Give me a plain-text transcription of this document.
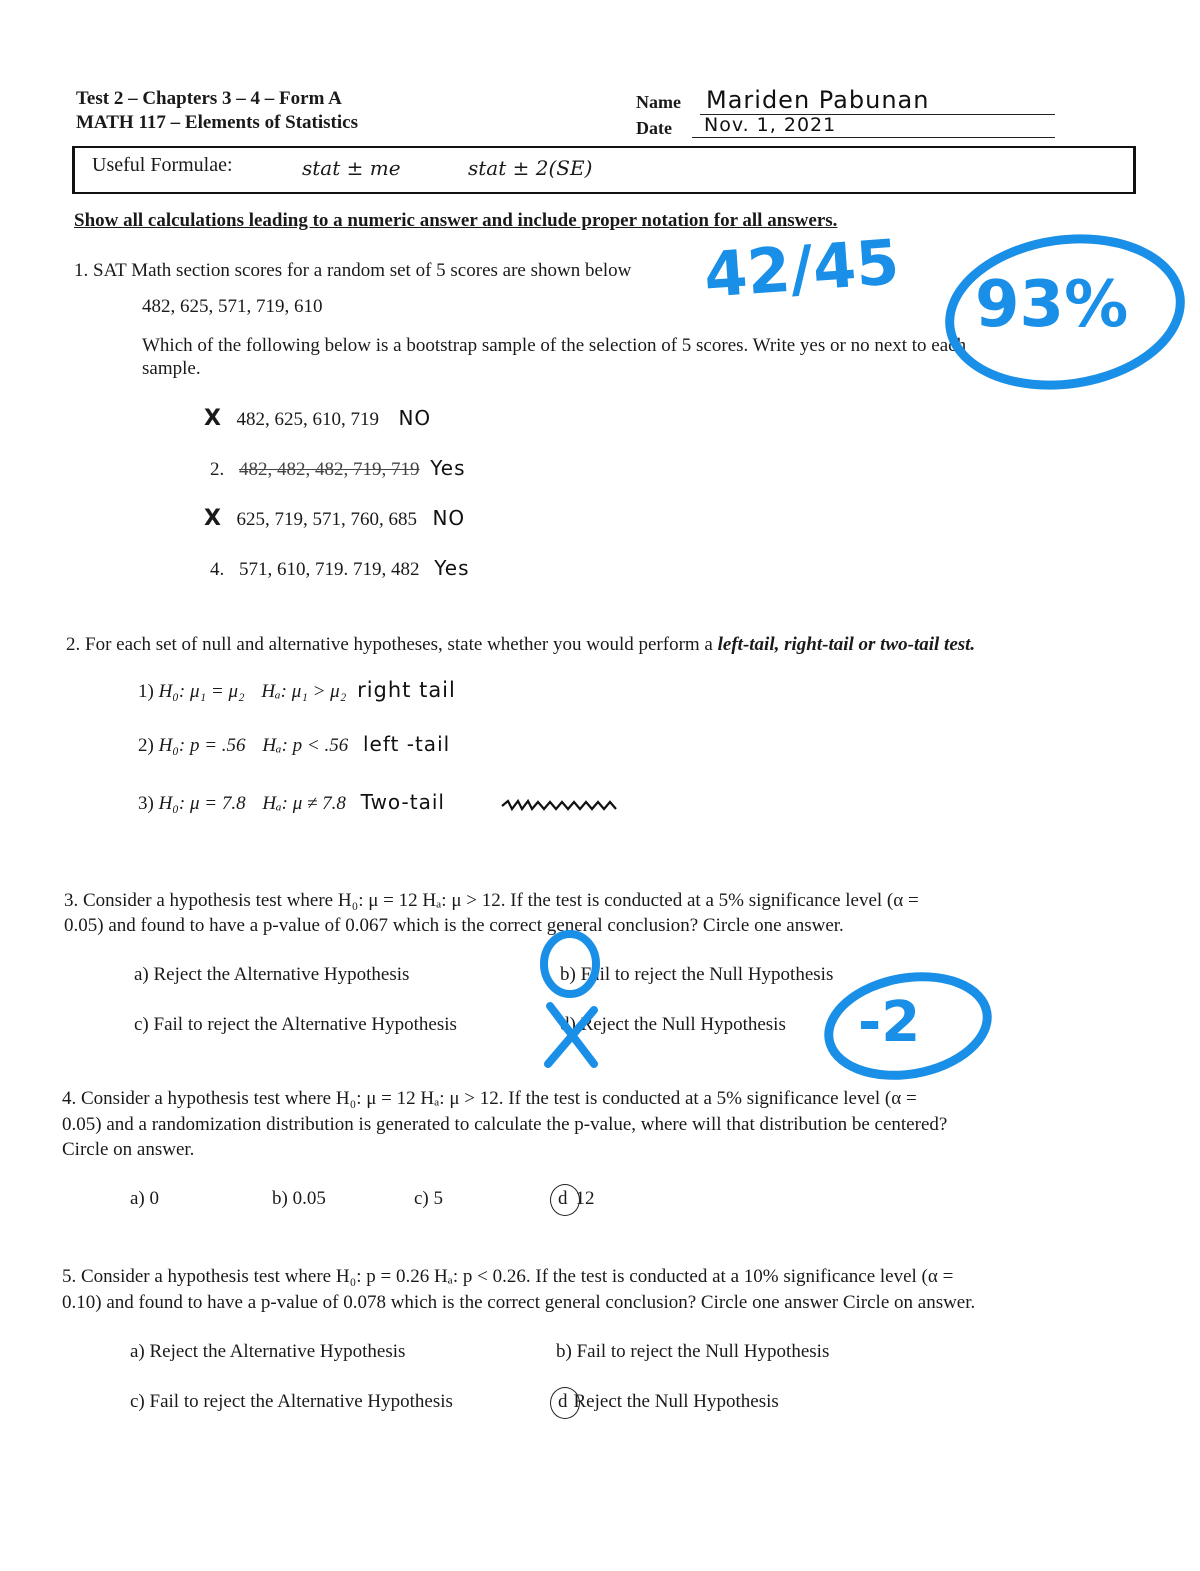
Test 2 – Chapters 3 – 4 – Form A
MATH 117 – Elements of Statistics
Name Mariden Pabunan
Date Nov. 1, 2021
Useful Formulae:	stat ± me	stat ± 2(SE)
Show all calculations leading to a numeric answer and include proper notation for all answers.
1. SAT Math section scores for a random set of 5 scores are shown below
482, 625, 571, 719, 610
Which of the following below is a bootstrap sample of the selection of 5 scores. Write yes or no next to each
sample.
X 482, 625, 610, 719 NO
2. 482, 482, 482, 719, 719 Yes
X 625, 719, 571, 760, 685 NO
4. 571, 610, 719. 719, 482 Yes
2. For each set of null and alternative hypotheses, state whether you would perform a left-tail, right-tail or two-tail test.
1) H₀: μ₁ = μ₂ Hₐ: μ₁ > μ₂ right tail
2) H₀: p = .56 Hₐ: p < .56 left -tail
3) H₀: μ = 7.8 Hₐ: μ ≠ 7.8 Two-tail
3. Consider a hypothesis test where H₀: μ = 12 Hₐ: μ > 12. If the test is conducted at a 5% significance level (α =
0.05) and found to have a p-value of 0.067 which is the correct general conclusion? Circle one answer.
a) Reject the Alternative Hypothesis	b) Fail to reject the Null Hypothesis
c) Fail to reject the Alternative Hypothesis	d) Reject the Null Hypothesis
4. Consider a hypothesis test where H₀: μ = 12 Hₐ: μ > 12. If the test is conducted at a 5% significance level (α =
0.05) and a randomization distribution is generated to calculate the p-value, where will that distribution be centered?
Circle on answer.
a) 0	b) 0.05	c) 5	d 12
5. Consider a hypothesis test where H₀: p = 0.26 Hₐ: p < 0.26. If the test is conducted at a 10% significance level (α =
0.10) and found to have a p-value of 0.078 which is the correct general conclusion? Circle one answer Circle on answer.
a) Reject the Alternative Hypothesis	b) Fail to reject the Null Hypothesis
c) Fail to reject the Alternative Hypothesis	d Reject the Null Hypothesis
42/45 93%
-2
